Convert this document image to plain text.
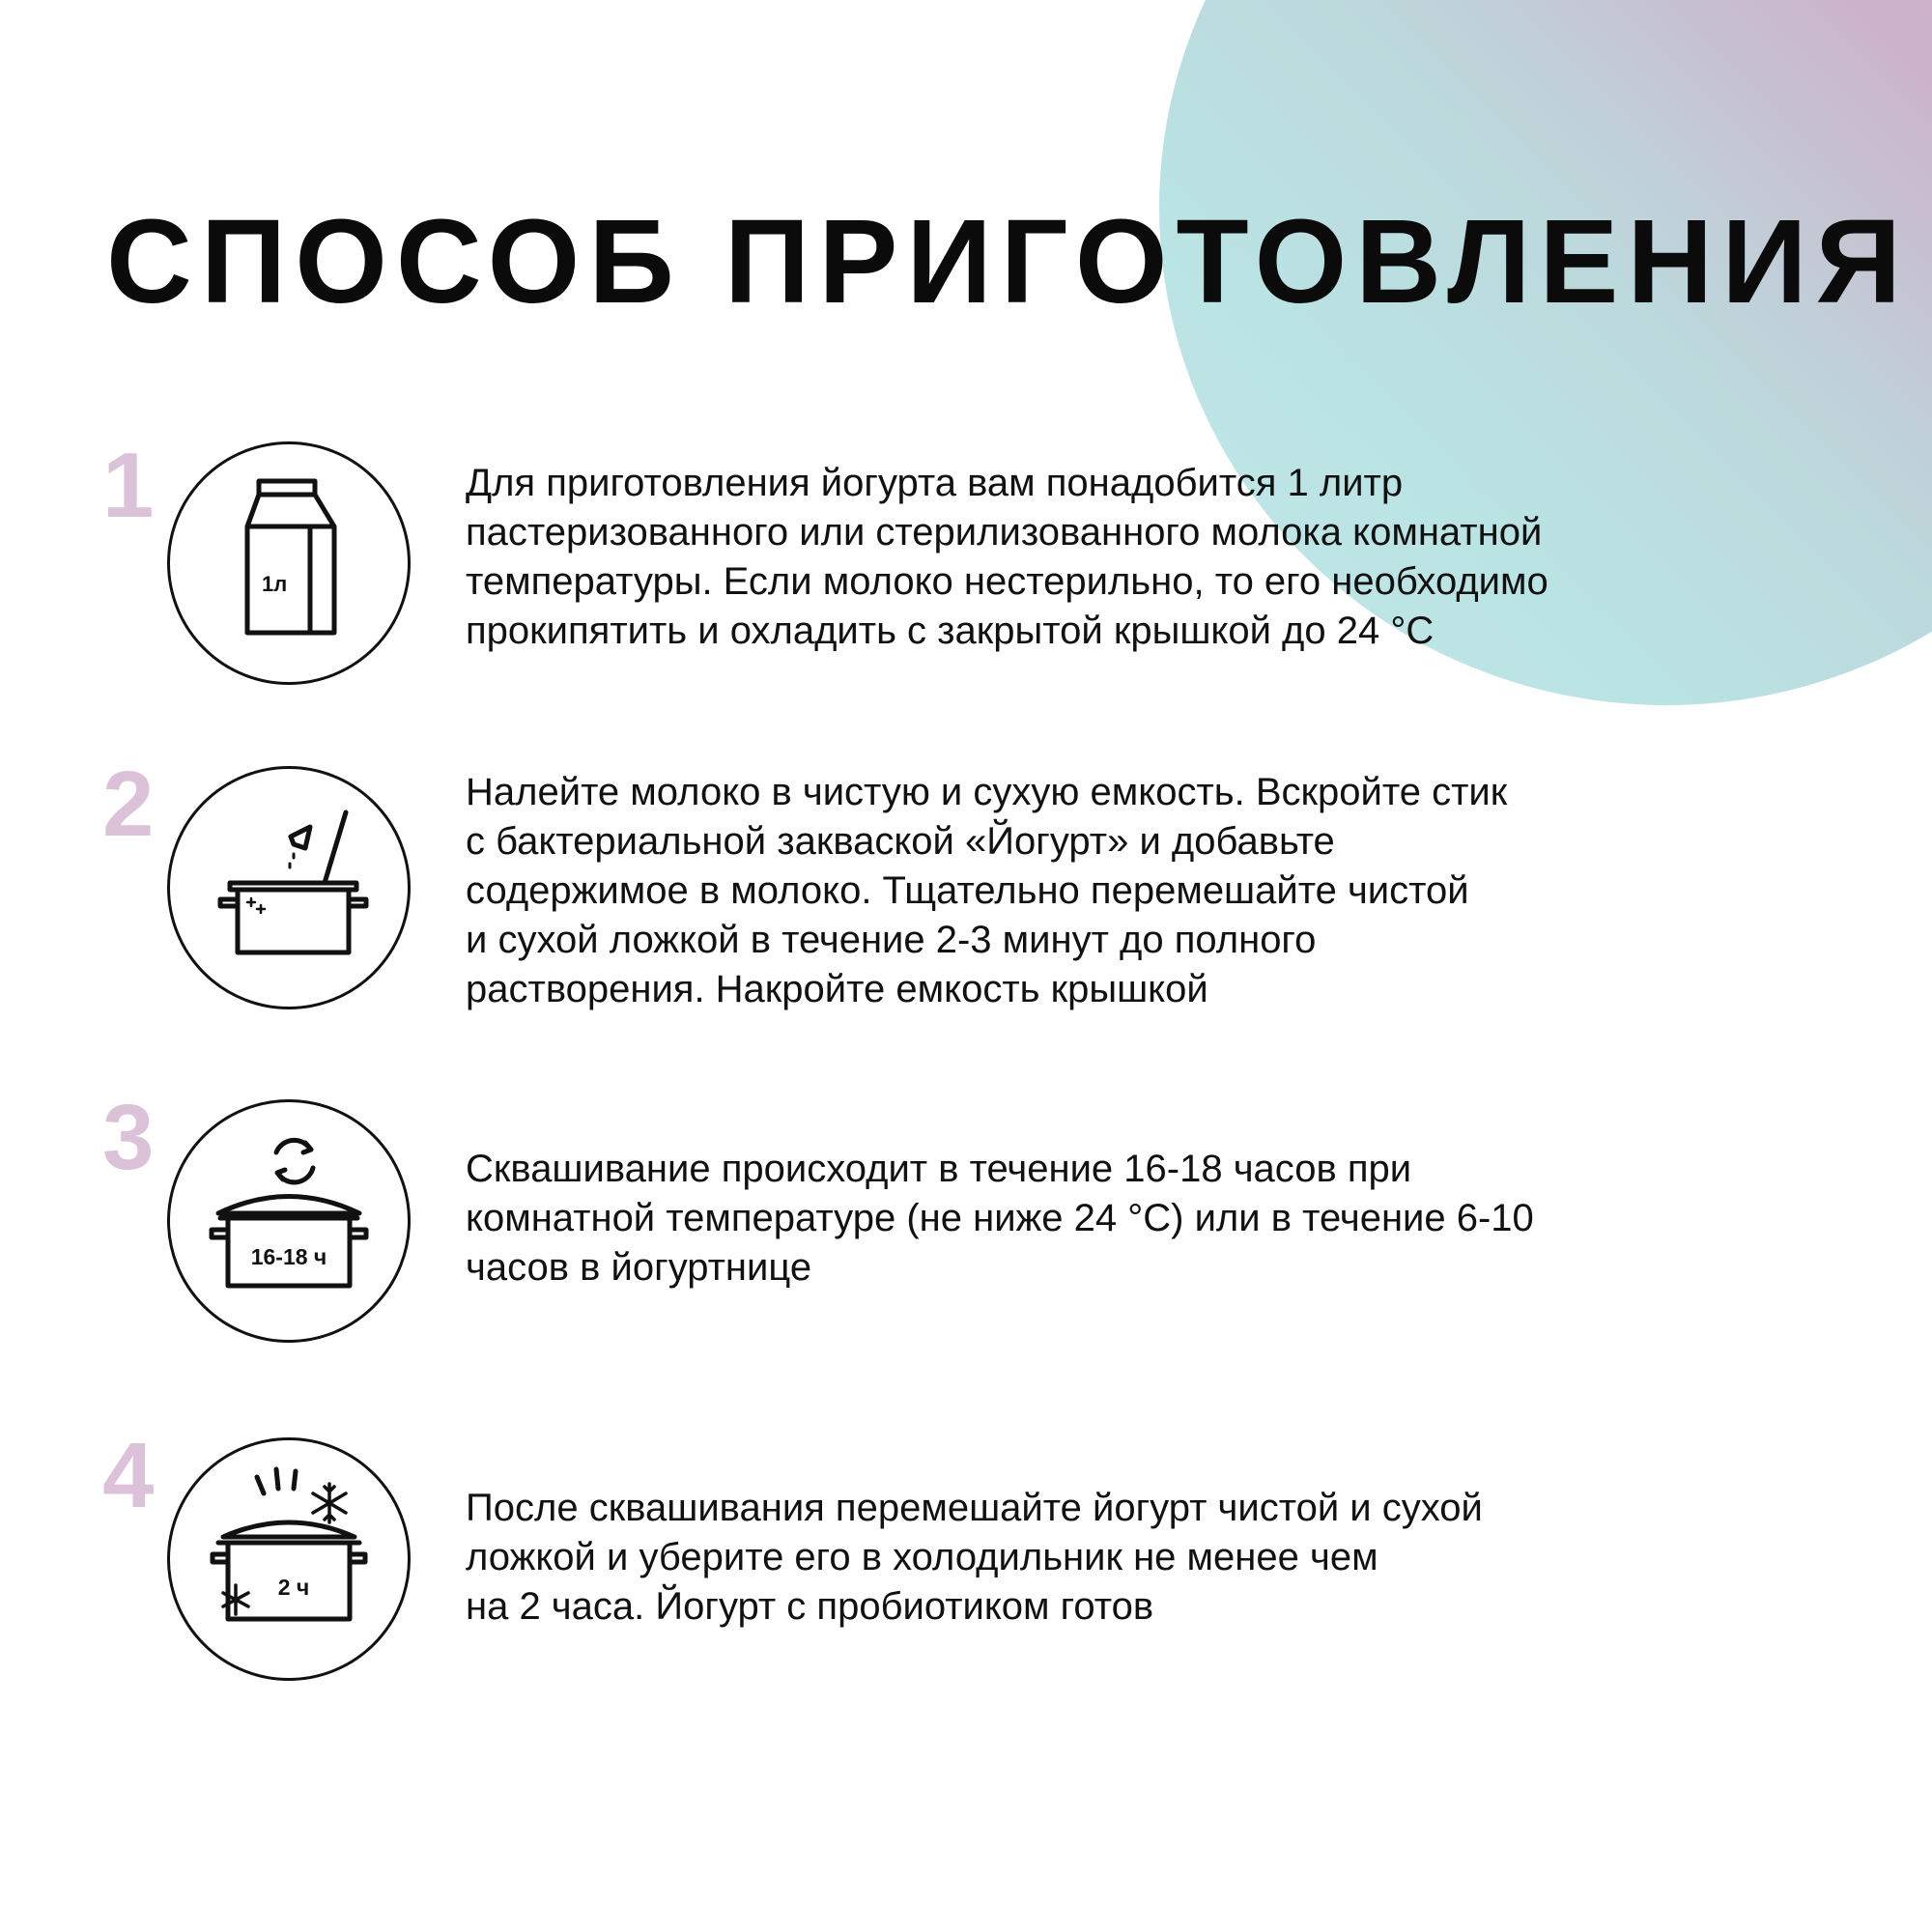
СПОСОБ ПРИГОТОВЛЕНИЯ
1
1л
Для приготовления йогурта вам понадобится 1 литр
пастеризованного или стерилизованного молока комнатной
температуры. Если молоко нестерильно, то его необходимо
прокипятить и охладить с закрытой крышкой до 24 °С
2	Налейте молоко в чистую и сухую емкость. Вскройте стик
с бактериальной закваской «Йогурт» и добавьте
содержимое в молоко. Тщательно перемешайте чистой
и сухой ложкой в течение 2-3 минут до полного
растворения. Накройте емкость крышкой
3
16-18 ч
Сквашивание происходит в течение 16-18 часов при
комнатной температуре (не ниже 24 °С) или в течение 6-10
часов в йогуртнице
4
2 ч
После сквашивания перемешайте йогурт чистой и сухой
ложкой и уберите его в холодильник не менее чем
на 2 часа. Йогурт с пробиотиком готов
